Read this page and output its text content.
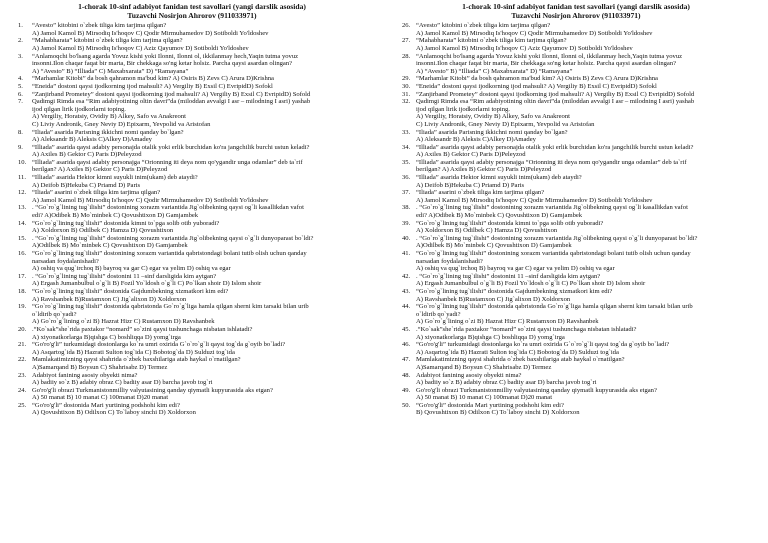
1-chorak 10-sinf adabiyot fanidan test savollari (yangi darslik asosida)
Tuzavchi Nosirjon Ahrorov (911033971)
1. “Avesto” kitobini o`zbek tiliga kim tarjima qilgan?
A) Jamol Kamol B) Mirsodiq Is'hoqov C) Qodir Mirmuhamedov D) Sotiboldi Yo'ldoshev
2. “Mahabharata” kitobini o`zbek tiliga kim tarjima qilgan?
A) Jamol Kamol B) Mirsodiq Is'hoqov C) Aziz Qayumov D) Sotiboldi Yo'ldoshev
3. “Anlamoqchi bo'lsang agarda Yovuz kishi yoki Ilonni, Ilonni ol, ikkilanmay hech,Yaqin tutma yovuz
insonni.Ilon chaqar faqat bir marta, Bir chekkaga so'ng ketar holsiz. Parcha qaysi asardan olingan?
A) “Avesto” B) “Illiada” C) Maxabxarata” D) “Ramayana”
4. “Marhamlar Kitobi” da bosh qahramon ma'bud kim? A) Osiris B) Zevs C) Arura D)Krishna
5. “Eneida” dostoni qaysi ijodkorning ijod mahsuli? A) Vergiliy B) Exsil C) EvripidD) Sofokl
6. “Zanjirband Prometey” dostoni qaysi ijodkorning ijod mahsuli? A) Vergiliy B) Exsil C) EvripidD) Sofold
7. Qadimgi Rimda esa “Rim adabiyotining oltin davri”da (miloddan avvalgi I asr – milodning I asri) yashab
ijod qilgan lirik ijodkorlarni toping.
A) Vergiliy, Horatsiy, Ovidiy B) Alkey, Safo va Anakreont
C) Liviy Andronik, Gney Neviy D) Epixarm, Yevpolid va Aristofan
8. “Iliada” asarida Parisning ikkichni nomi qanday bo`lgan?
A) Aleksandr B) Aleksis C)Alkey D)Amadey
9. “Illiada” asarida qaysi adabiy personajda otalik yoki erlik burchidan ko'ra jangchilik burchi ustun keladi?
A) Axiles B) Gektor C) Paris D)Peleyzod
10. “Illiada” asarida qaysi adabiy personajga “Orionning iti deya nom qo'ygandir unga odamlar” deb ta`rif
berilgan? A) Axiles B) Gektor C) Paris D)Peleyzod
11. “Illiada” asarida Hektor kimni suyukli inim(ukam) deb ataydi?
A) Deifob B)Hekuba C) Priamd D) Paris
12. “Iliada” asarini o`zbek tiliga kim tarjima qilgan?
A) Jamol Kamol B) Mirsodiq Is'hoqov C) Qodir Mirmuhamedov D) Sotiboldi Yo'ldoshev
13. . “Go`ro`g`lining tug`ilishi” dostonining xorazm variantida Jig`olibekning qaysi og`li kasallikdan vafot
edi? A)Odibek B) Mo`minbek C) Qovushtixon D) Gamjambek
14. “Go`ro`g`lining tug`ilishi” dostonida kimni to`pga solib otib yuboradi?
A) Xoldorxon B) Odilbek C) Hamza D) Qovushtixon
15. . “Go`ro`g`lining tug`ilishi” dostonining xorazm variantida Jig`olibekning qaysi o`g`li dunyoparast bo`ldi?
A)Odilbek B) Mo`minbek C) Qovushtixon D) Gamjambek
16. “Go`ro`g`lining tug`ilishi” dostonining xorazm variantida qabristondagi bolani tutib olish uchun qanday
narsadan foydalanishadi?
A) oshiq va qug`irchoq B) bayroq va gar C) egar va yelim D) oshiq va egar
17. . “Go`ro`g`lining tug`ilishi” dostonini 11 –sinf darsligida kim aytgan?
A) Ergash Jumanbulbul o`g`li B) Fozil Yo`ldosh o`g`li C) Po`lkan shoir D) Islom shoir
18. “Go`ro`g`lining tug`ilishi” dostonida Gajdumbekning xizmatkori kim edi?
A) Ravshanbek B)Rustamxon C) Jig`alixon D) Xoldorxon
19. “Go`ro`g`lining tug`ilishi” dostonida qabristonda Go`ro`g`liga hamla qilgan sherni kim tarsaki bilan urib
o`ldirib qo`yadi?
A) Go`ro`g`lining o`zi B) Hazrat Hizr C) Rustamxon D) Ravshanbek
20. .“Ko`sak”she`rida paxtakor “nomard” so`zini qaysi tushunchaga nisbatan ishlatadi?
A) xiyonatkorlarga B)qishga C) boshliqqa D) yomg`irga
21. “Go'ro'g'li” turkumidagi dostonlarga ko`ra umri oxirida G`o`ro`g`li qaysi tog`da g`oyib bo`ladi?
A) Asqartog`ida B) Hazrati Sulton tog`ida C) Bobotog`da D) Sulduzi tog`ida
22. Mamlakatimizning qaysi shahrida o`zbek baxshilariga atab haykal o`rnatilgan?
A)Samarqand B) Boysun C) Shahrisabz D) Termez
23. Adabiyot fanining asosiy obyekti nima?
A) badiiy so`z B) adabiy obraz C) badiiy asar D) barcha javob tog`ri
24. Go'ro'g'li obrazi Turkmanistonmilliy valyutasining qanday qiymatli kupyurasida aks etgan?
A) 50 manat B) 10 manat C) 100manat D)20 manat
25. “Go'ro'g'li” dostonida Mari yurtining podshohi kim edi?
A) Qovushtixon B) Odilxon C) To`laboy sinchi D) Xoldorxon
1-chorak 10-sinf adabiyot fanidan test savollari (yangi darslik asosida)
Tuzavchi Nosirjon Ahrorov (911033971)
26. “Avesto” kitobini o`zbek tiliga kim tarjima qilgan?
A) Jamol Kamol B) Mirsodiq Is'hoqov C) Qodir Mirmuhamedov D) Sotiboldi Yo'ldoshev
27. “Mahabharata” kitobini o`zbek tiliga kim tarjima qilgan?
A) Jamol Kamol B) Mirsodiq Is'hoqov C) Aziz Qayumov D) Sotiboldi Yo'ldoshev
28. “Anlamoqchi bo'lsang agarda Yovuz kishi yoki Ilonni, Ilonni ol, ikkilanmay hech,Yaqin tutma yovuz
insonni.Ilon chaqar faqat bir marta, Bir chekkaga so'ng ketar holsiz. Parcha qaysi asardan olingan?
A) “Avesto” B) “Illiada” C) Maxabxarata” D) “Ramayana”
29. “Marhamlar Kitobi” da bosh qahramon ma'bud kim? A) Osiris B) Zevs C) Arura D)Krishna
30. “Eneida” dostoni qaysi ijodkorning ijod mahsuli? A) Vergiliy B) Exsil C) EvripidD) Sofokl
31. “Zanjirband Prometey” dostoni qaysi ijodkorning ijod mahsuli? A) Vergiliy B) Exsil C) EvripidD) Sofold
32. Qadimgi Rimda esa “Rim adabiyotining oltin davri”da (miloddan avvalgi I asr – milodning I asri) yashab
ijod qilgan lirik ijodkorlarni toping.
A) Vergiliy, Horatsiy, Ovidiy B) Alkey, Safo va Anakreont
C) Liviy Andronik, Gney Neviy D) Epixarm, Yevpolid va Aristofan
33. “Iliada” asarida Parisning ikkichni nomi qanday bo`lgan?
A) Aleksandr B) Aleksis C)Alkey D)Amadey
34. “Illiada” asarida qaysi adabiy personajda otalik yoki erlik burchidan ko'ra jangchilik burchi ustun keladi?
A) Axiles B) Gektor C) Paris D)Peleyzod
35. “Illiada” asarida qaysi adabiy personajga “Orionning iti deya nom qo'ygandir unga odamlar” deb ta`rif
berilgan? A) Axiles B) Gektor C) Paris D)Peleyzod
36. “Illiada” asarida Hektor kimni suyukli inim(ukam) deb ataydi?
A) Deifob B)Hekuba C) Priamd D) Paris
37. “Iliada” asarini o`zbek tiliga kim tarjima qilgan?
A) Jamol Kamol B) Mirsodiq Is'hoqov C) Qodir Mirmuhamedov D) Sotiboldi Yo'ldoshev
38. . “Go`ro`g`lining tug`ilishi” dostonining xorazm variantida Jig`olibekning qaysi og`li kasallikdan vafot
edi? A)Odibek B) Mo`minbek C) Qovushtixon D) Gamjambek
39. “Go`ro`g`lining tug`ilishi” dostonida kimni to`pga solib otib yuboradi?
A) Xoldorxon B) Odilbek C) Hamza D) Qovushtixon
40. . “Go`ro`g`lining tug`ilishi” dostonining xorazm variantida Jig`olibekning qaysi o`g`li dunyoparast bo`ldi?
A)Odilbek B) Mo`minbek C) Qovushtixon D) Gamjambek
41. “Go`ro`g`lining tug`ilishi” dostonining xorazm variantida qabristondagi bolani tutib olish uchun qanday
narsadan foydalanishadi?
A) oshiq va qug`irchoq B) bayroq va gar C) egar va yelim D) oshiq va egar
42. . “Go`ro`g`lining tug`ilishi” dostonini 11 –sinf darsligida kim aytgan?
A) Ergash Jumanbulbul o`g`li B) Fozil Yo`ldosh o`g`li C) Po`lkan shoir D) Islom shoir
43. “Go`ro`g`lining tug`ilishi” dostonida Gajdumbekning xizmatkori kim edi?
A) Ravshanbek B)Rustamxon C) Jig`alixon D) Xoldorxon
44. “Go`ro`g`lining tug`ilishi” dostonida qabristonda Go`ro`g`liga hamla qilgan sherni kim tarsaki bilan urib
o`ldirib qo`yadi?
A) Go`ro`g`lining o`zi B) Hazrat Hizr C) Rustamxon D) Ravshanbek
45. .“Ko`sak”she`rida paxtakor “nomard” so`zini qaysi tushunchaga nisbatan ishlatadi?
A) xiyonatkorlarga B)qishga C) boshliqqa D) yomg`irga
46. “Go'ro'g'li” turkumidagi dostonlarga ko`ra umri oxirida G`o`ro`g`li qaysi tog`da g`oyib bo`ladi?
A) Asqartog`ida B) Hazrati Sulton tog`ida C) Bobotog`da D) Sulduzi tog`ida
47. Mamlakatimizning qaysi shahrida o`zbek baxshilariga atab haykal o`rnatilgan?
A)Samarqand B) Boysun C) Shahrisabz D) Termez
48. Adabiyot fanining asosiy obyekti nima?
A) badiiy so`z B) adabiy obraz C) badiiy asar D) barcha javob tog`ri
49. Go'ro'g'li obrazi Turkmanistonmilliy valyutasining qanday qiymatli kupyurasida aks etgan?
A) 50 manat B) 10 manat C) 100manat D)20 manat
50. “Go'ro'g'li” dostonida Mari yurtining podshohi kim edi?
B) Qovushtixon B) Odilxon C) To`laboy sinchi D) Xoldorxon
